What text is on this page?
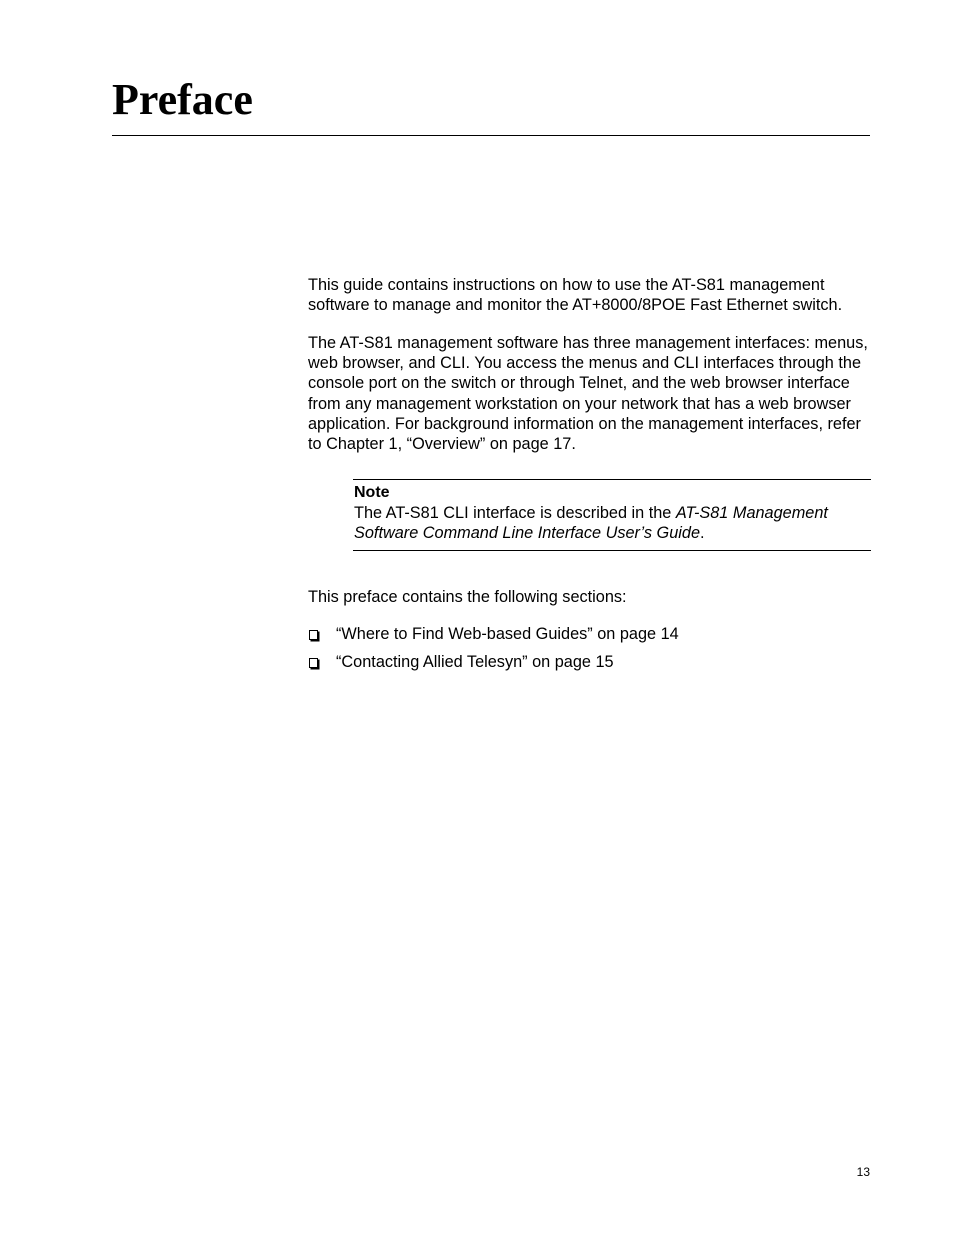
Preface

This guide contains instructions on how to use the AT-S81 management software to manage and monitor the AT+8000/8POE Fast Ethernet switch.

The AT-S81 management software has three management interfaces: menus, web browser, and CLI. You access the menus and CLI interfaces through the console port on the switch or through Telnet, and the web browser interface from any management workstation on your network that has a web browser application. For background information on the management interfaces, refer to Chapter 1, “Overview” on page 17.

Note
The AT-S81 CLI interface is described in the AT-S81 Management Software Command Line Interface User’s Guide.

This preface contains the following sections:

“Where to Find Web-based Guides” on page 14
“Contacting Allied Telesyn” on page 15
13
